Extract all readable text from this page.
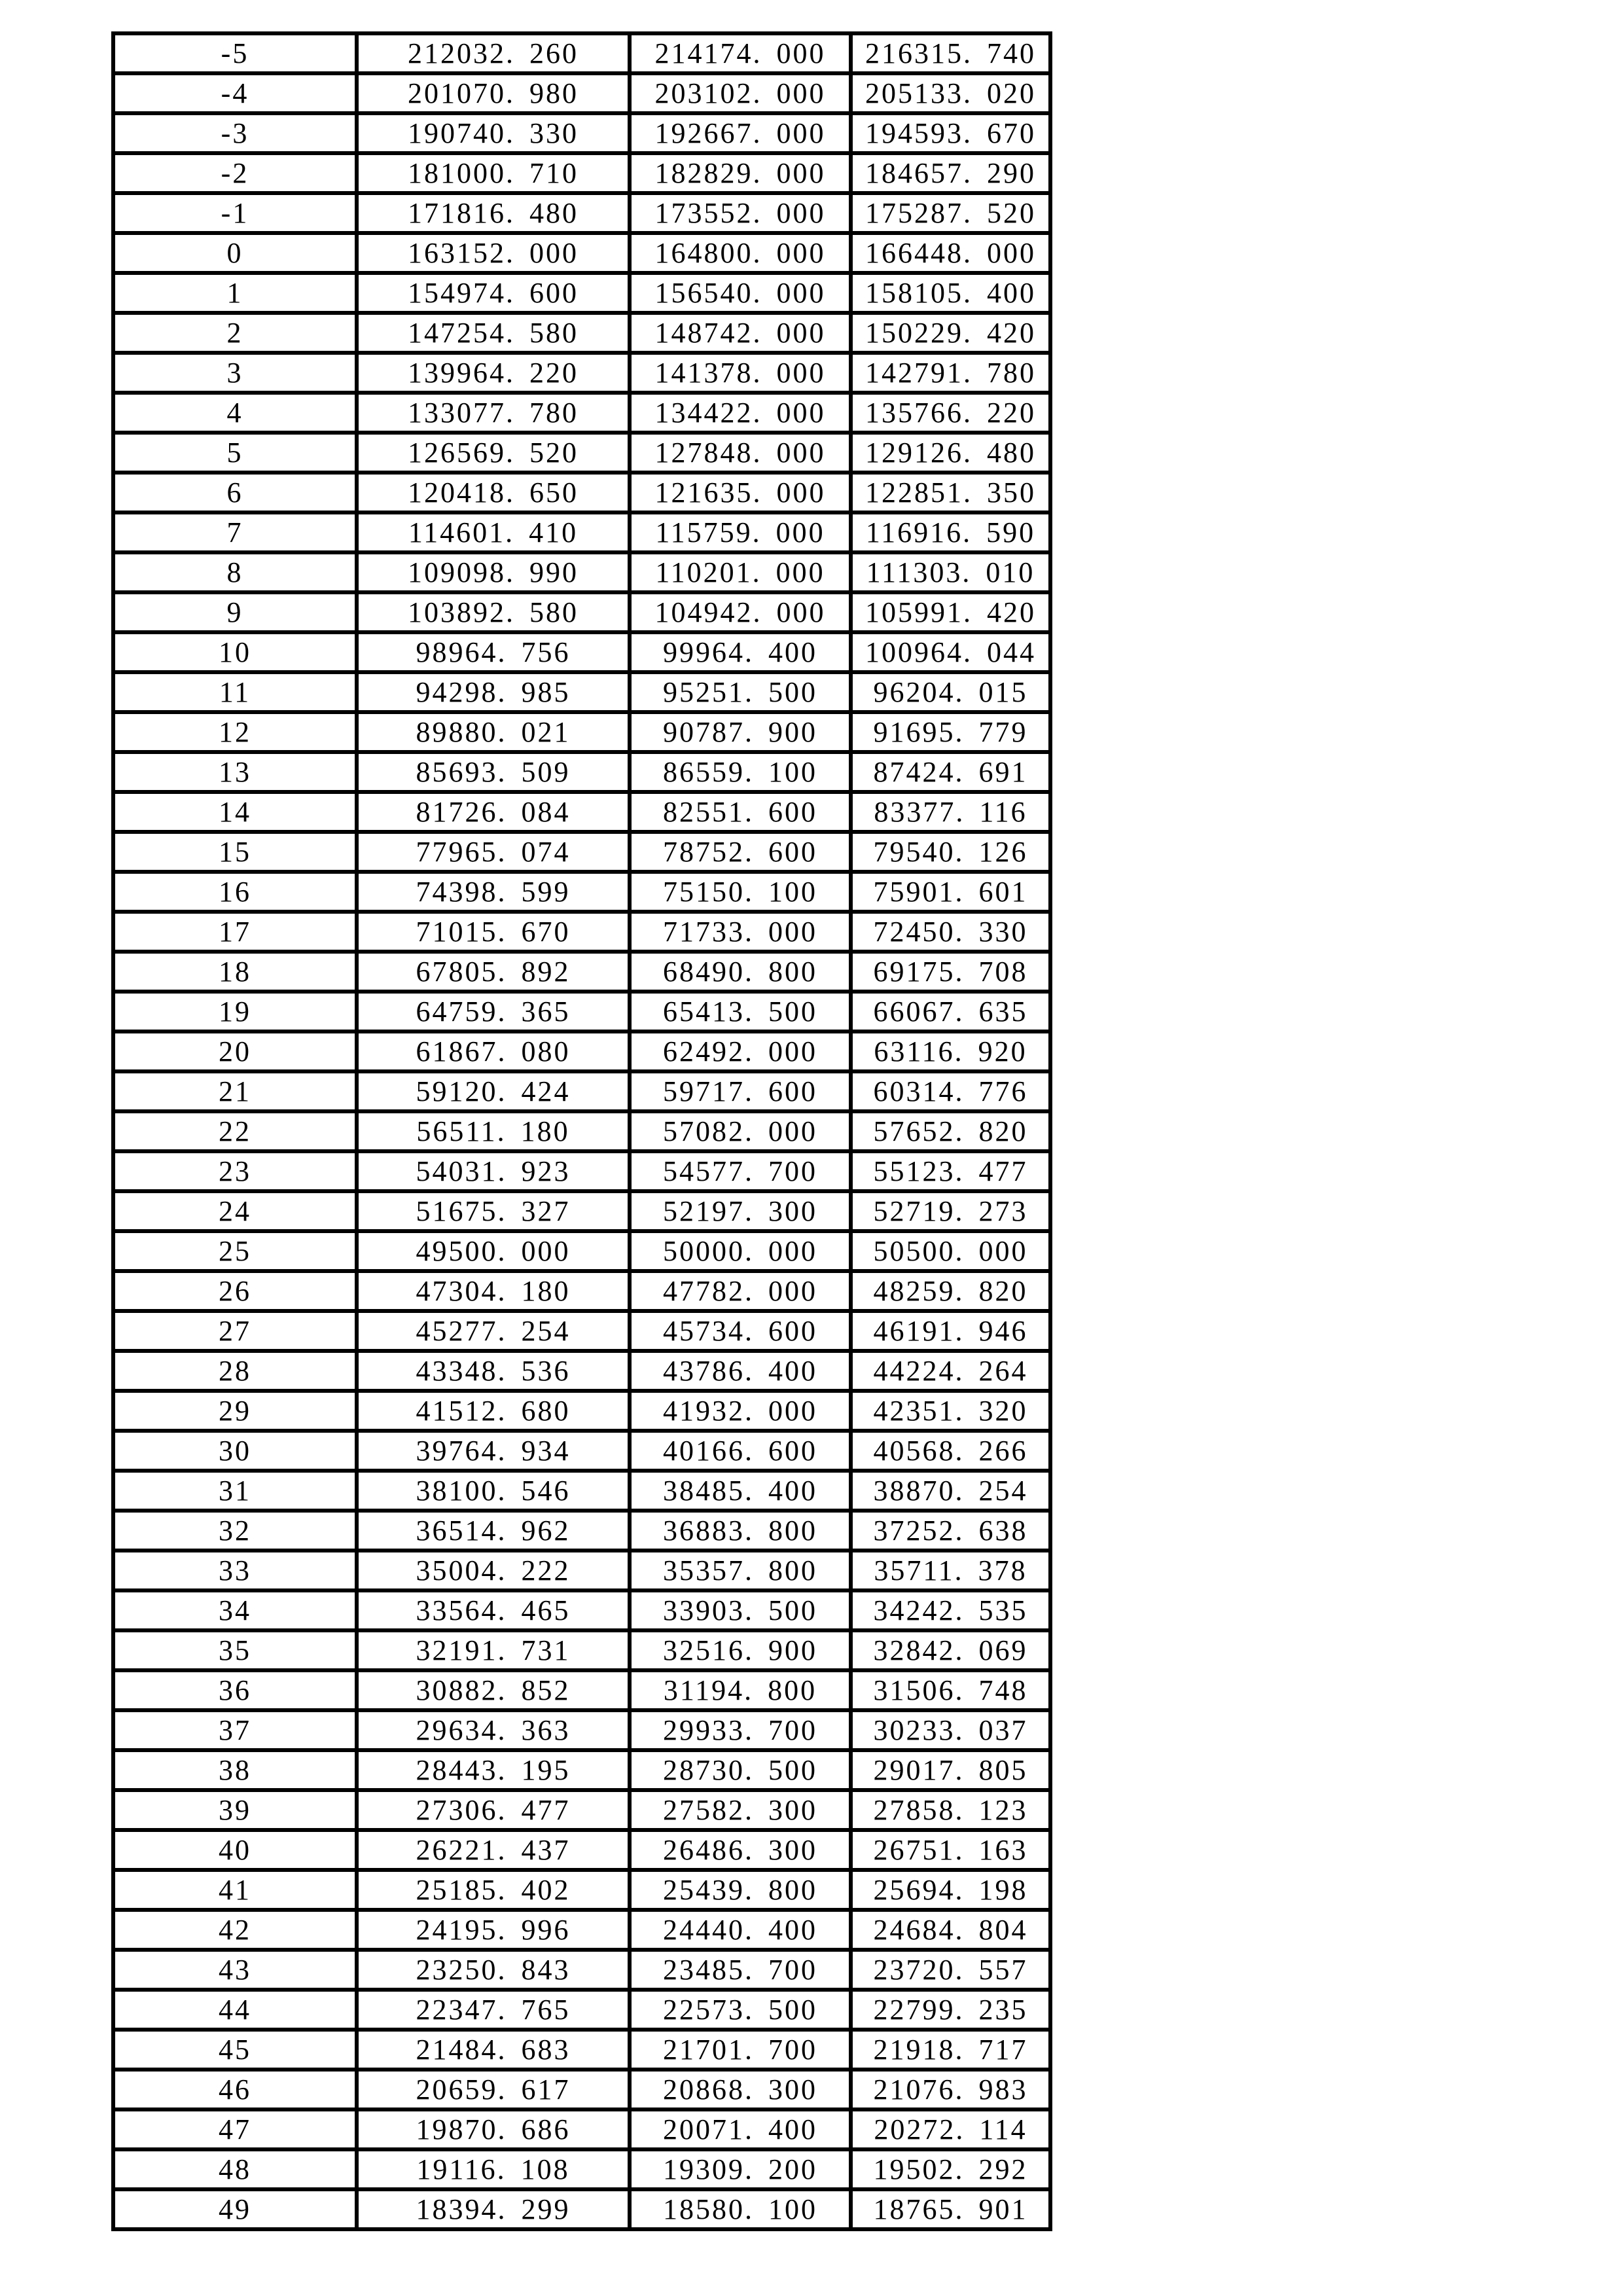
-5	212032. 260	214174. 000	216315. 740
-4	201070. 980	203102. 000	205133. 020
-3	190740. 330	192667. 000	194593. 670
-2	181000. 710	182829. 000	184657. 290
-1	171816. 480	173552. 000	175287. 520
0	163152. 000	164800. 000	166448. 000
1	154974. 600	156540. 000	158105. 400
2	147254. 580	148742. 000	150229. 420
3	139964. 220	141378. 000	142791. 780
4	133077. 780	134422. 000	135766. 220
5	126569. 520	127848. 000	129126. 480
6	120418. 650	121635. 000	122851. 350
7	114601. 410	115759. 000	116916. 590
8	109098. 990	110201. 000	111303. 010
9	103892. 580	104942. 000	105991. 420
10	98964. 756	99964. 400	100964. 044
11	94298. 985	95251. 500	96204. 015
12	89880. 021	90787. 900	91695. 779
13	85693. 509	86559. 100	87424. 691
14	81726. 084	82551. 600	83377. 116
15	77965. 074	78752. 600	79540. 126
16	74398. 599	75150. 100	75901. 601
17	71015. 670	71733. 000	72450. 330
18	67805. 892	68490. 800	69175. 708
19	64759. 365	65413. 500	66067. 635
20	61867. 080	62492. 000	63116. 920
21	59120. 424	59717. 600	60314. 776
22	56511. 180	57082. 000	57652. 820
23	54031. 923	54577. 700	55123. 477
24	51675. 327	52197. 300	52719. 273
25	49500. 000	50000. 000	50500. 000
26	47304. 180	47782. 000	48259. 820
27	45277. 254	45734. 600	46191. 946
28	43348. 536	43786. 400	44224. 264
29	41512. 680	41932. 000	42351. 320
30	39764. 934	40166. 600	40568. 266
31	38100. 546	38485. 400	38870. 254
32	36514. 962	36883. 800	37252. 638
33	35004. 222	35357. 800	35711. 378
34	33564. 465	33903. 500	34242. 535
35	32191. 731	32516. 900	32842. 069
36	30882. 852	31194. 800	31506. 748
37	29634. 363	29933. 700	30233. 037
38	28443. 195	28730. 500	29017. 805
39	27306. 477	27582. 300	27858. 123
40	26221. 437	26486. 300	26751. 163
41	25185. 402	25439. 800	25694. 198
42	24195. 996	24440. 400	24684. 804
43	23250. 843	23485. 700	23720. 557
44	22347. 765	22573. 500	22799. 235
45	21484. 683	21701. 700	21918. 717
46	20659. 617	20868. 300	21076. 983
47	19870. 686	20071. 400	20272. 114
48	19116. 108	19309. 200	19502. 292
49	18394. 299	18580. 100	18765. 901
